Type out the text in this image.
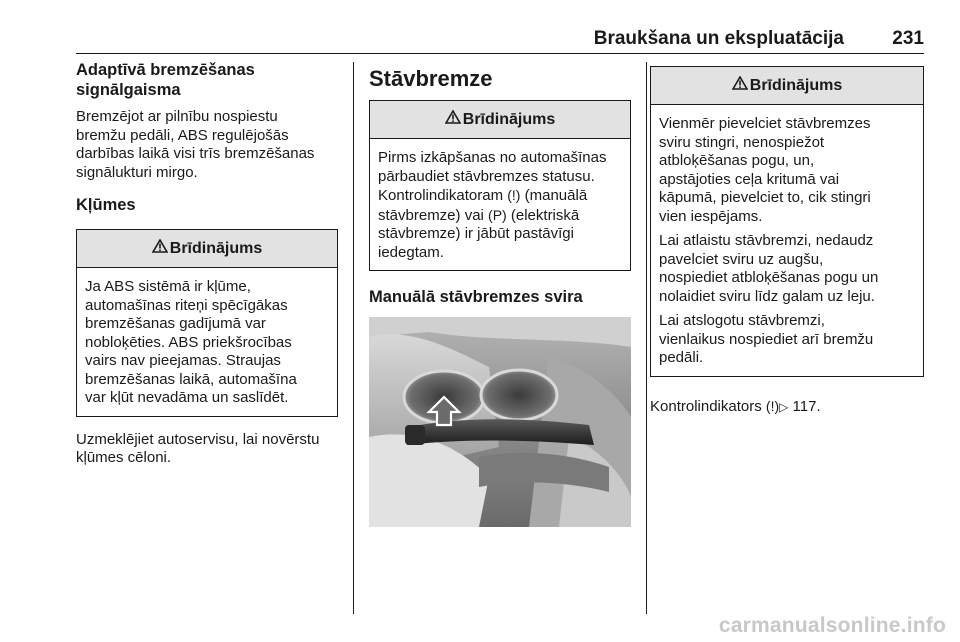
Braukšana un ekspluatācija	231
Adaptīvā bremzēšanas
signālgaisma
Bremzējot ar pilnību nospiestu
bremžu pedāli, ABS regulējošās
darbības laikā visi trīs bremzēšanas
signālukturi mirgo.
Kļūmes
Brīdinājums
Ja ABS sistēmā ir kļūme,
automašīnas riteņi spēcīgākas
bremzēšanas gadījumā var
nobloķēties. ABS priekšrocības
vairs nav pieejamas. Straujas
bremzēšanas laikā, automašīna
var kļūt nevadāma un saslīdēt.
Uzmeklējiet autoservisu, lai novērstu
kļūmes cēloni.
Stāvbremze
Brīdinājums
Pirms izkāpšanas no automašīnas
pārbaudiet stāvbremzes statusu.
Kontrolindikatoram (!) (manuālā
stāvbremze) vai (P) (elektriskā
stāvbremze) ir jābūt pastāvīgi
iedegtam.
Manuālā stāvbremzes svira
Brīdinājums
Vienmēr pievelciet stāvbremzes
sviru stingri, nenospiežot
atbloķēšanas pogu, un,
apstājoties ceļa kritumā vai
kāpumā, pievelciet to, cik stingri
vien iespējams.
Lai atlaistu stāvbremzi, nedaudz
pavelciet sviru uz augšu,
nospiediet atbloķēšanas pogu un
nolaidiet sviru līdz galam uz leju.
Lai atslogotu stāvbremzi,
vienlaikus nospiediet arī bremžu
pedāli.
Kontrolindikators (!)▷ 117.
carmanualsonline.info
